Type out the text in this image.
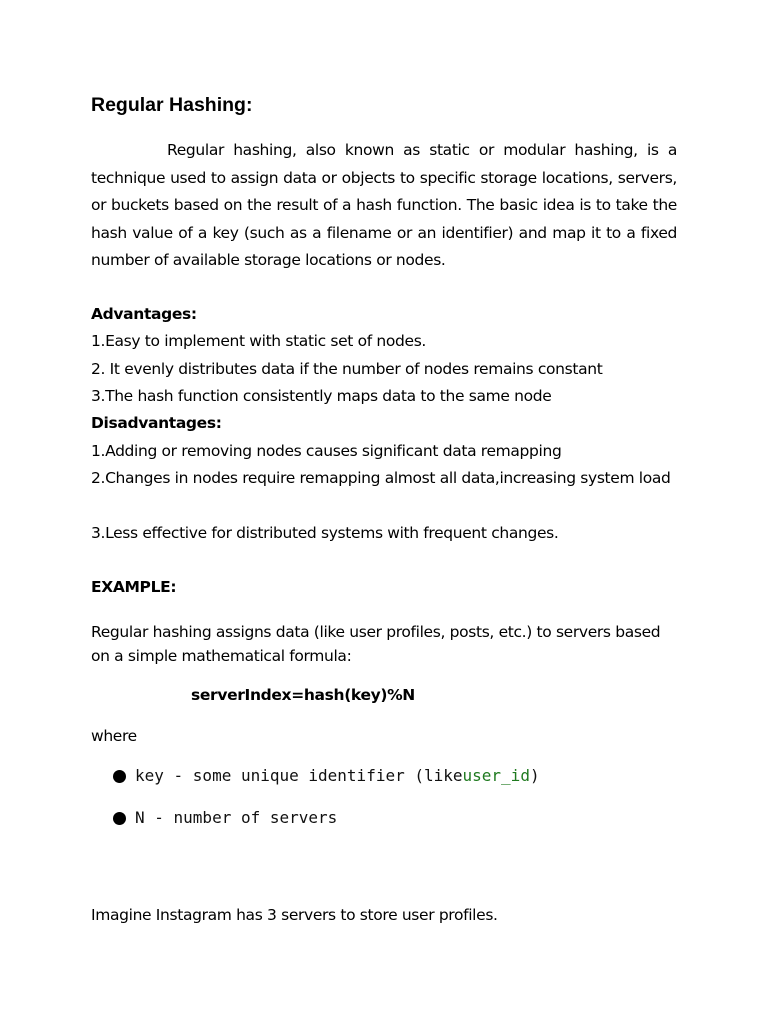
Regular Hashing:

Regular hashing, also known as static or modular hashing, is a technique used to assign data or objects to specific storage locations, servers, or buckets based on the result of a hash function. The basic idea is to take the hash value of a key (such as a filename or an identifier) and map it to a fixed number of available storage locations or nodes.

Advantages:

1.Easy to implement with static set of nodes.

2. It evenly distributes data if the number of nodes remains constant

3.The hash function consistently maps data to the same node

Disadvantages:

1.Adding or removing nodes causes significant data remapping

2.Changes in nodes require remapping almost all data,increasing system load

3.Less effective for distributed systems with frequent changes.

EXAMPLE:

Regular hashing assigns data (like user profiles, posts, etc.) to servers based on a simple mathematical formula:

serverIndex=hash(key)%N

where

key - some unique identifier (like user_id )
N - number of servers

Imagine Instagram has 3 servers to store user profiles.
